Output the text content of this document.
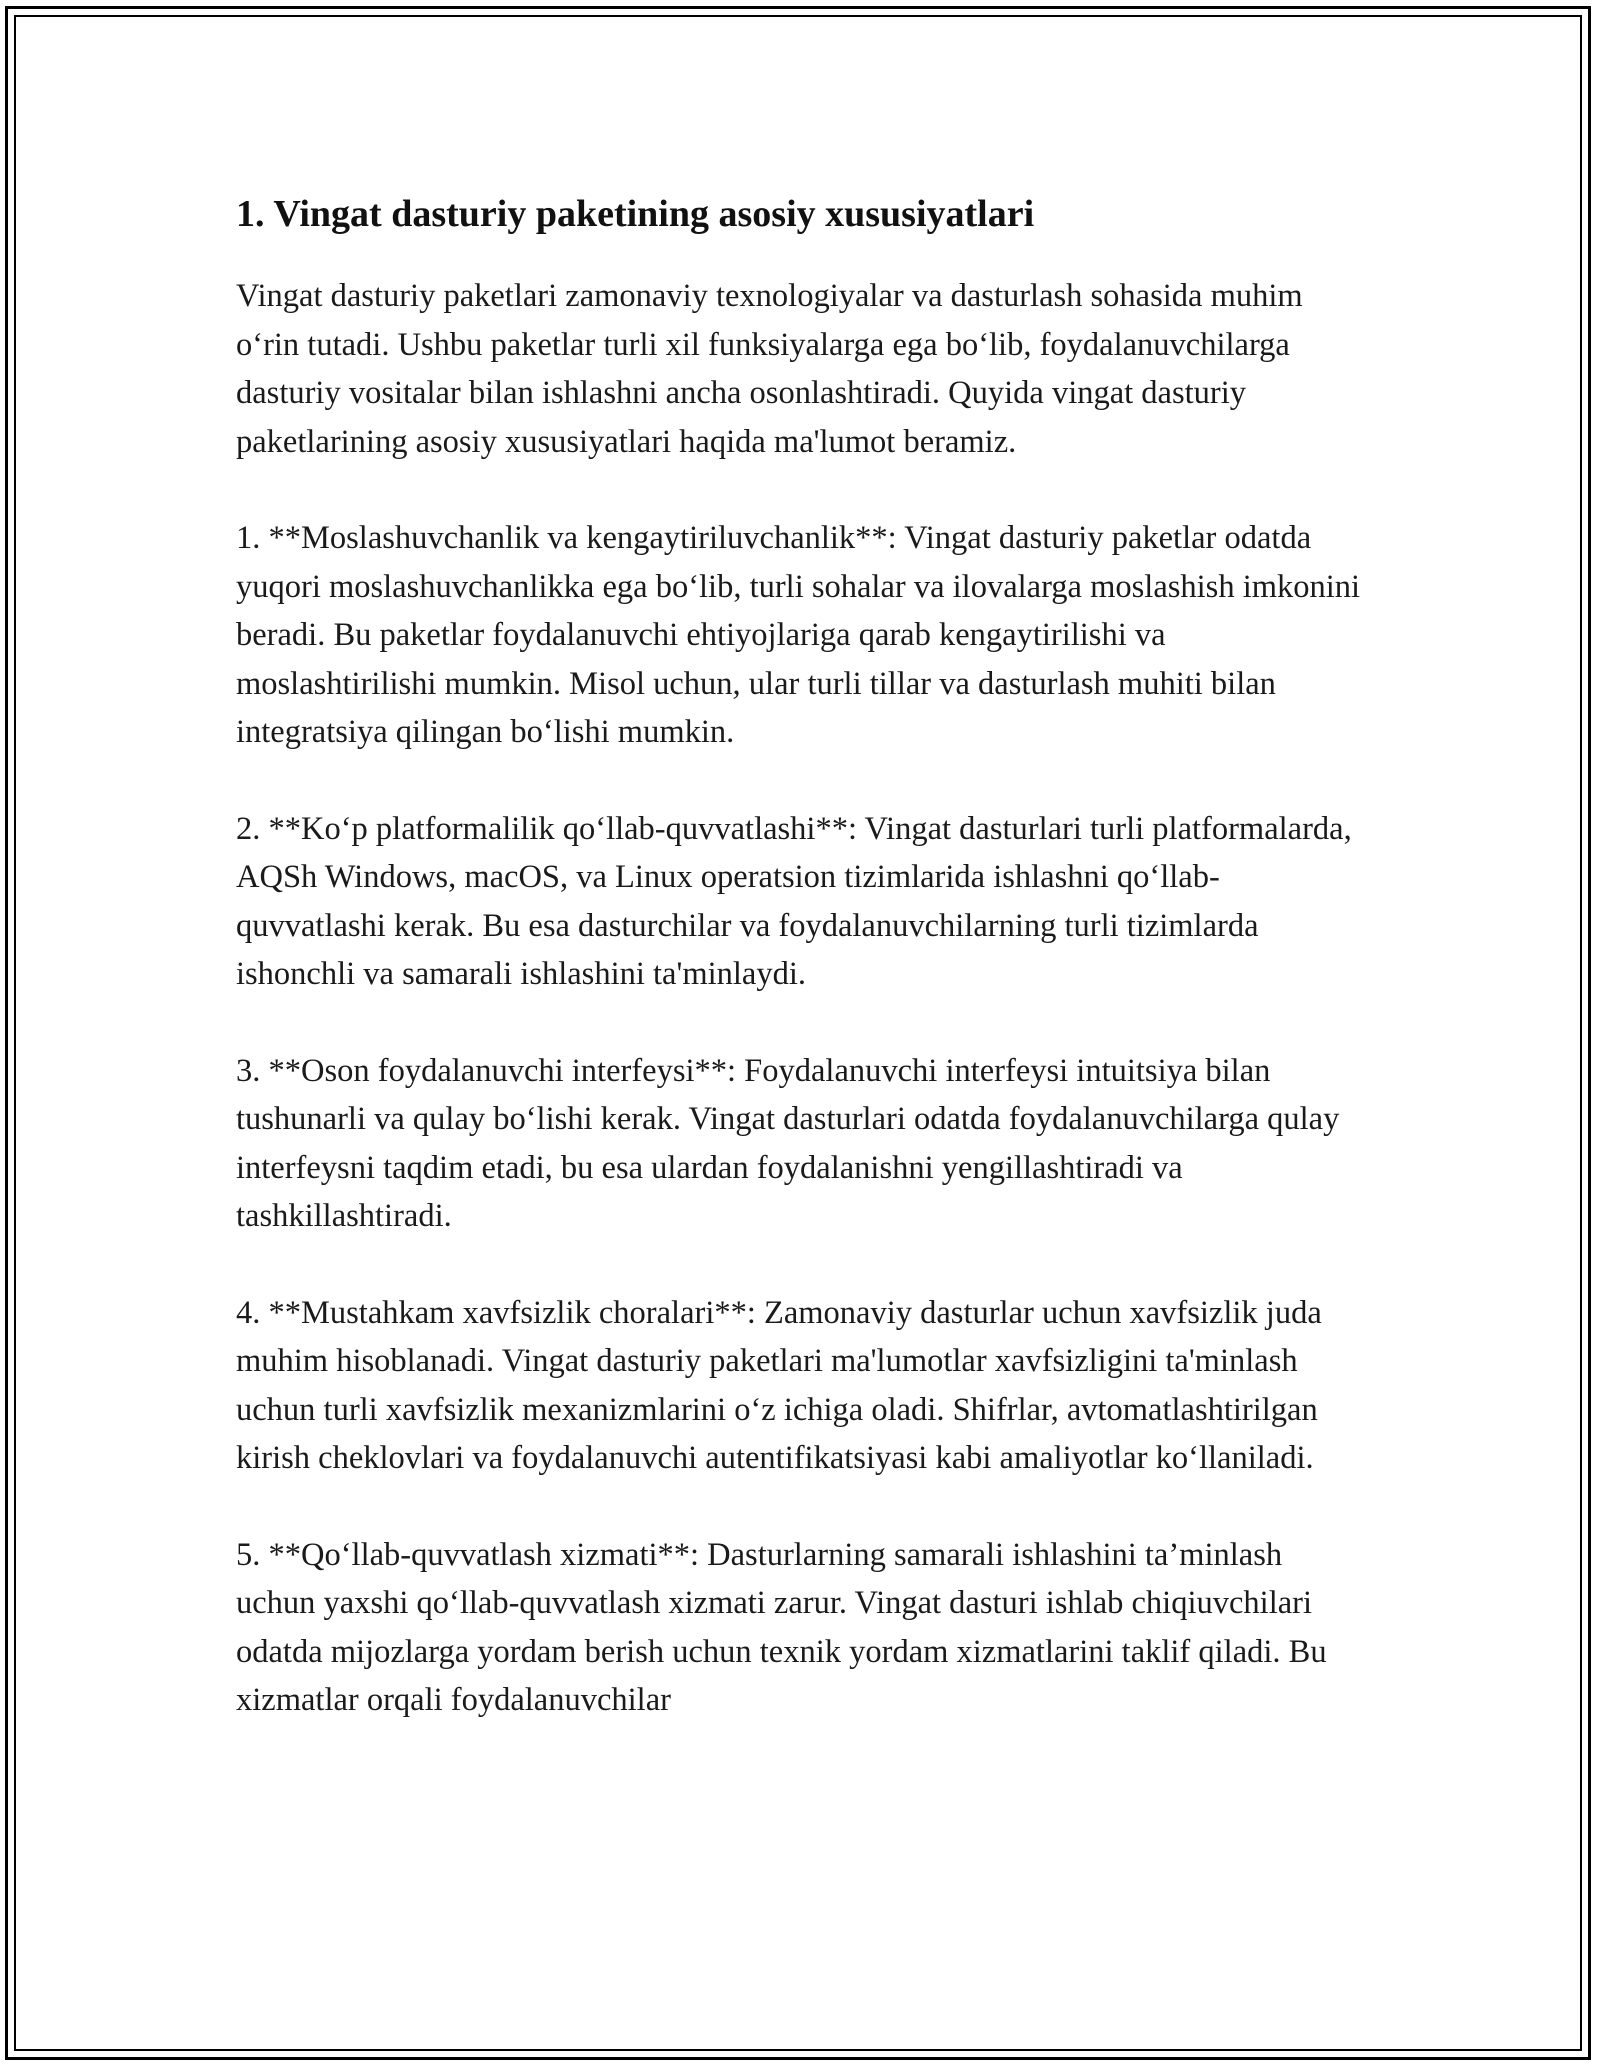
1. Vingat dasturiy paketining asosiy xususiyatlari

Vingat dasturiy paketlari zamonaviy texnologiyalar va dasturlash sohasida muhim o‘rin tutadi. Ushbu paketlar turli xil funksiyalarga ega bo‘lib, foydalanuvchilarga dasturiy vositalar bilan ishlashni ancha osonlashtiradi. Quyida vingat dasturiy paketlarining asosiy xususiyatlari haqida ma'lumot beramiz.

1. **Moslashuvchanlik va kengaytiriluvchanlik**: Vingat dasturiy paketlar odatda yuqori moslashuvchanlikka ega bo‘lib, turli sohalar va ilovalarga moslashish imkonini beradi. Bu paketlar foydalanuvchi ehtiyojlariga qarab kengaytirilishi va moslashtirilishi mumkin. Misol uchun, ular turli tillar va dasturlash muhiti bilan integratsiya qilingan bo‘lishi mumkin.

2. **Ko‘p platformalilik qo‘llab-quvvatlashi**: Vingat dasturlari turli platformalarda, AQSh Windows, macOS, va Linux operatsion tizimlarida ishlashni qo‘llab-quvvatlashi kerak. Bu esa dasturchilar va foydalanuvchilarning turli tizimlarda ishonchli va samarali ishlashini ta'minlaydi.

3. **Oson foydalanuvchi interfeysi**: Foydalanuvchi interfeysi intuitsiya bilan tushunarli va qulay bo‘lishi kerak. Vingat dasturlari odatda foydalanuvchilarga qulay interfeysni taqdim etadi, bu esa ulardan foydalanishni yengillashtiradi va tashkillashtiradi.

4. **Mustahkam xavfsizlik choralari**: Zamonaviy dasturlar uchun xavfsizlik juda muhim hisoblanadi. Vingat dasturiy paketlari ma'lumotlar xavfsizligini ta'minlash uchun turli xavfsizlik mexanizmlarini o‘z ichiga oladi. Shifrlar, avtomatlashtirilgan kirish cheklovlari va foydalanuvchi autentifikatsiyasi kabi amaliyotlar ko‘llaniladi.

5. **Qo‘llab-quvvatlash xizmati**: Dasturlarning samarali ishlashini ta’minlash uchun yaxshi qo‘llab-quvvatlash xizmati zarur. Vingat dasturi ishlab chiqiuvchilari odatda mijozlarga yordam berish uchun texnik yordam xizmatlarini taklif qiladi. Bu xizmatlar orqali foydalanuvchilar
